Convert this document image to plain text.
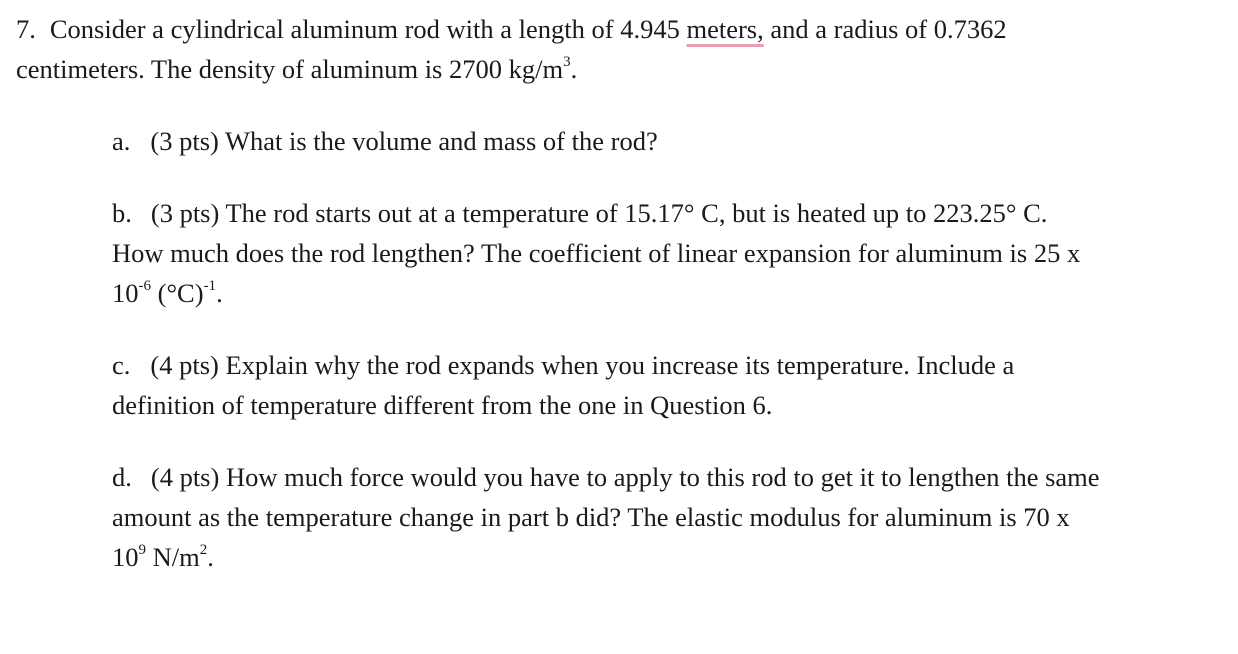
7. Consider a cylindrical aluminum rod with a length of 4.945 meters, and a radius of 0.7362
centimeters. The density of aluminum is 2700 $kg/m^3$.
a. (3 pts) What is the volume and mass of the rod?
b. (3 pts) The rod starts out at a temperature of 15.17° C, but is heated up to 223.25° C.
How much does the rod lengthen? The coefficient of linear expansion for aluminum is 25 x
$10^{-6}$ $(^\circ C)^{-1}$.
c. (4 pts) Explain why the rod expands when you increase its temperature. Include a
definition of temperature different from the one in Question 6.
d. (4 pts) How much force would you have to apply to this rod to get it to lengthen the same
amount as the temperature change in part b did? The elastic modulus for aluminum is 70 x
$10^9$ $N/m^2$.
